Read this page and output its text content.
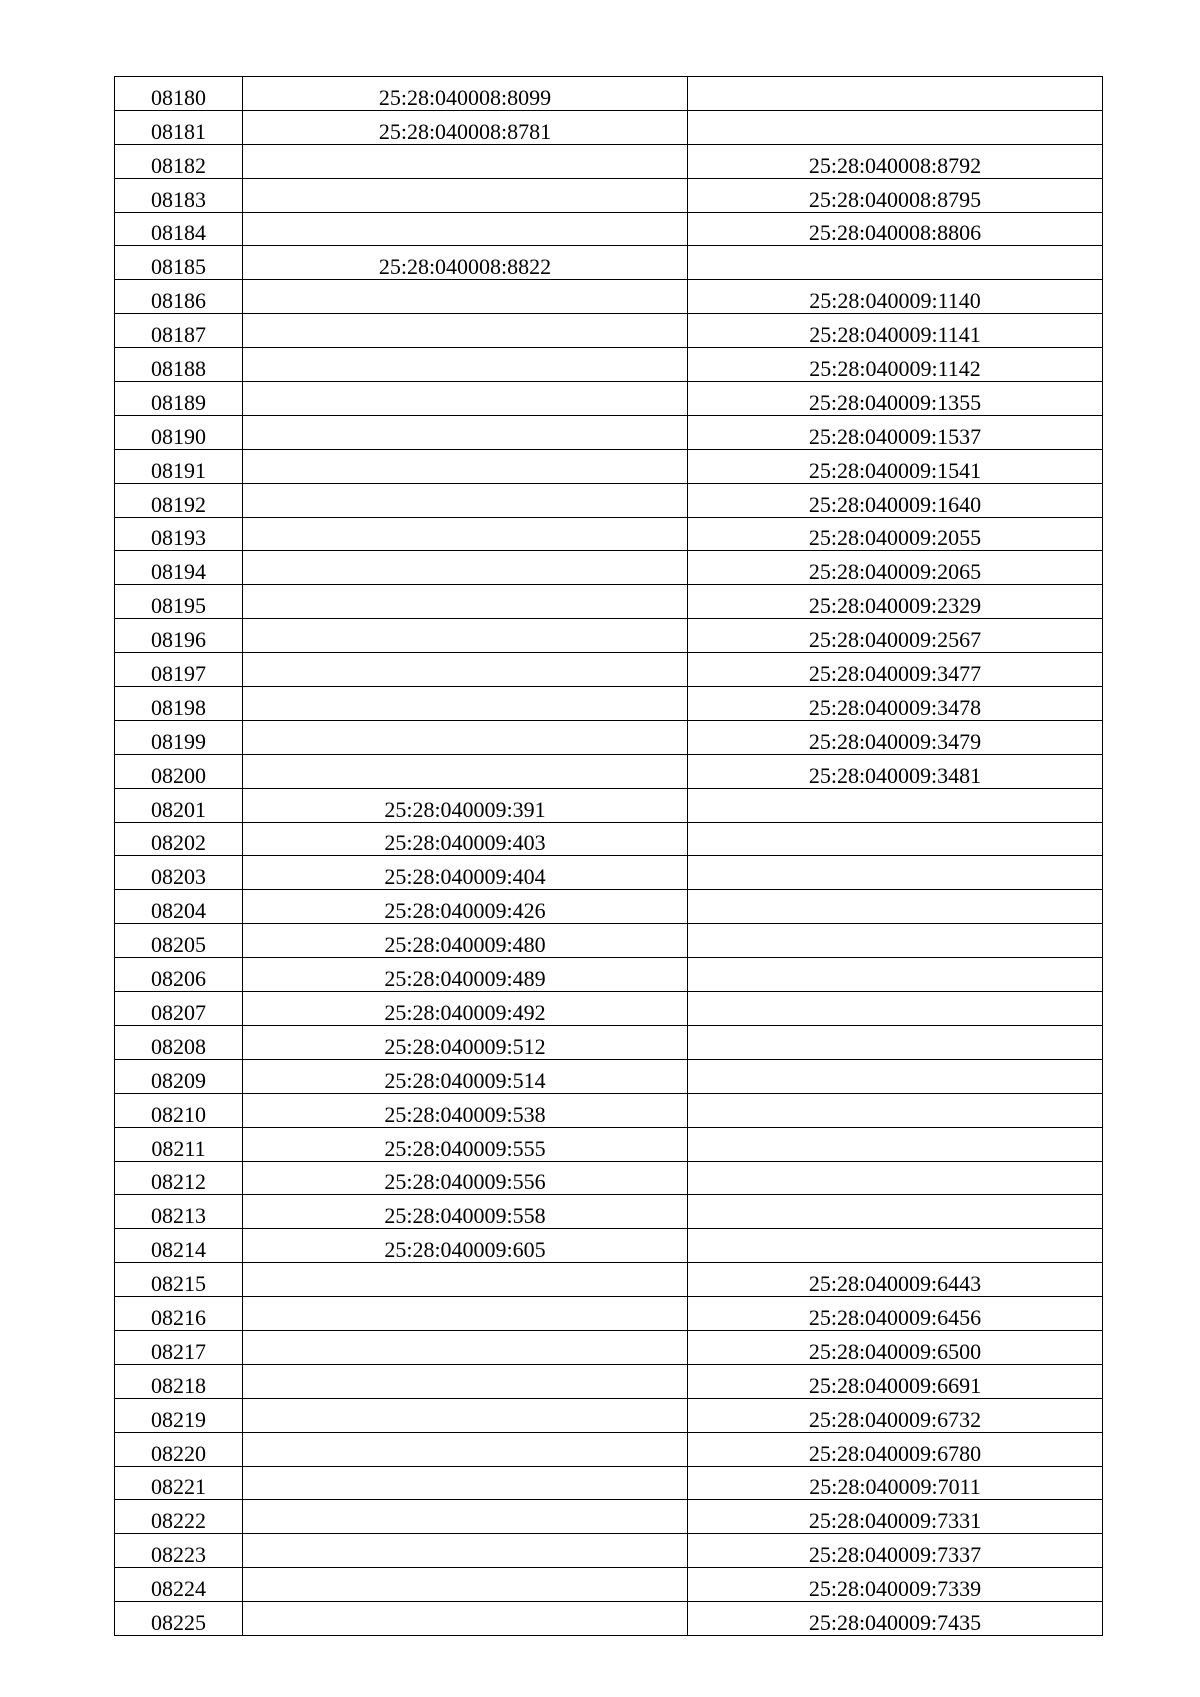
08180	25:28:040008:8099	
08181	25:28:040008:8781	
08182		25:28:040008:8792
08183		25:28:040008:8795
08184		25:28:040008:8806
08185	25:28:040008:8822	
08186		25:28:040009:1140
08187		25:28:040009:1141
08188		25:28:040009:1142
08189		25:28:040009:1355
08190		25:28:040009:1537
08191		25:28:040009:1541
08192		25:28:040009:1640
08193		25:28:040009:2055
08194		25:28:040009:2065
08195		25:28:040009:2329
08196		25:28:040009:2567
08197		25:28:040009:3477
08198		25:28:040009:3478
08199		25:28:040009:3479
08200		25:28:040009:3481
08201	25:28:040009:391	
08202	25:28:040009:403	
08203	25:28:040009:404	
08204	25:28:040009:426	
08205	25:28:040009:480	
08206	25:28:040009:489	
08207	25:28:040009:492	
08208	25:28:040009:512	
08209	25:28:040009:514	
08210	25:28:040009:538	
08211	25:28:040009:555	
08212	25:28:040009:556	
08213	25:28:040009:558	
08214	25:28:040009:605	
08215		25:28:040009:6443
08216		25:28:040009:6456
08217		25:28:040009:6500
08218		25:28:040009:6691
08219		25:28:040009:6732
08220		25:28:040009:6780
08221		25:28:040009:7011
08222		25:28:040009:7331
08223		25:28:040009:7337
08224		25:28:040009:7339
08225		25:28:040009:7435
